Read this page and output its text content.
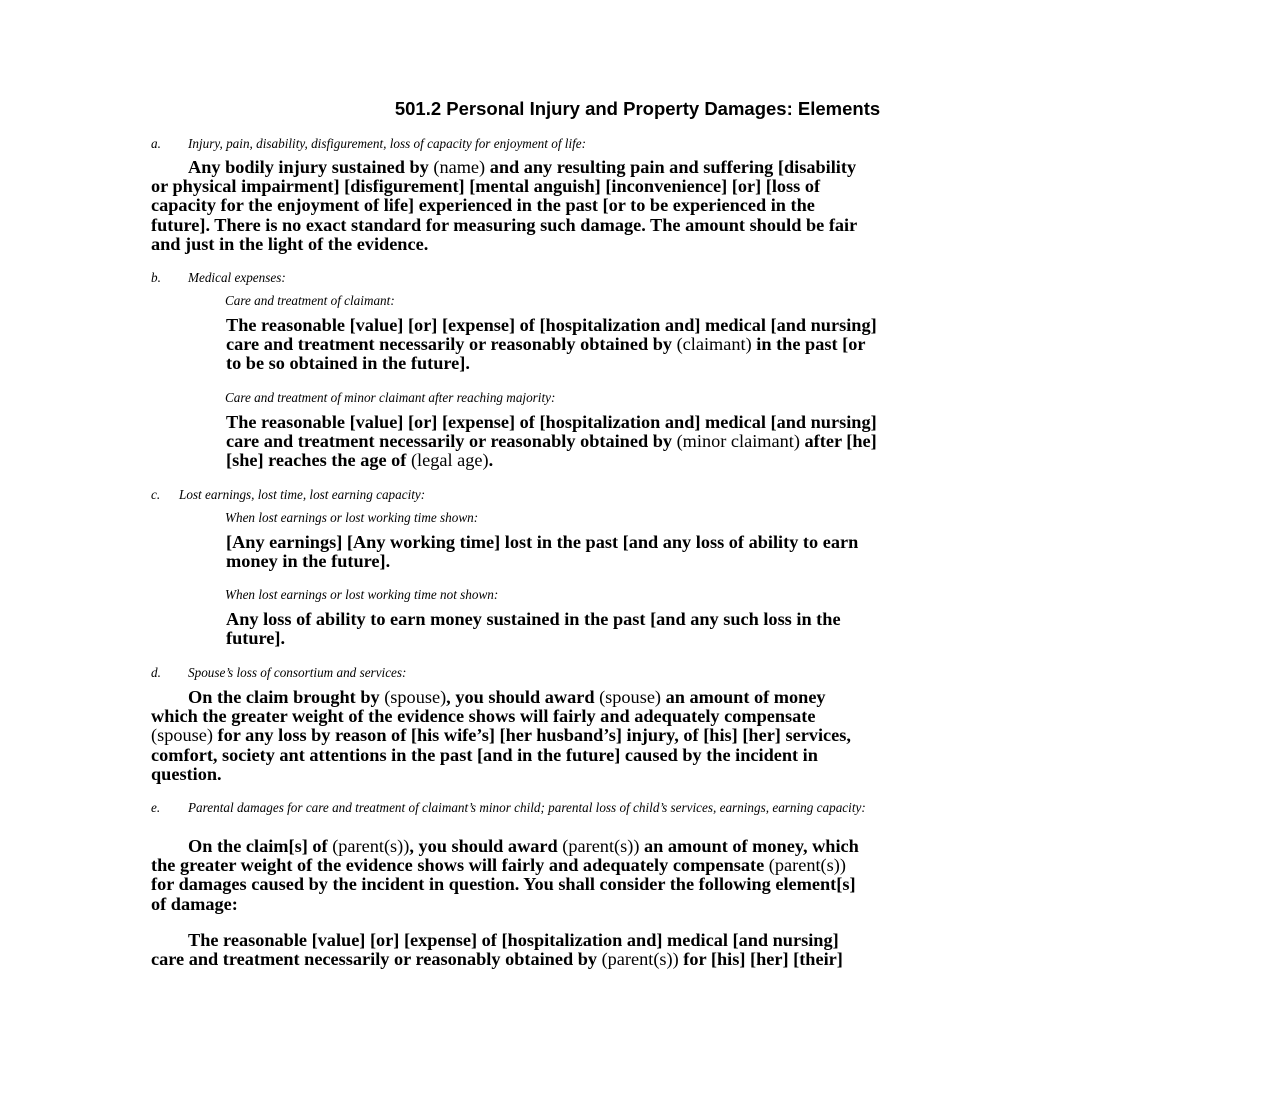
501.2 Personal Injury and Property Damages: Elements
a. Injury, pain, disability, disfigurement, loss of capacity for enjoyment of life:
Any bodily injury sustained by (name) and any resulting pain and suffering [disability
or physical impairment] [disfigurement] [mental anguish] [inconvenience] [or] [loss of
capacity for the enjoyment of life] experienced in the past [or to be experienced in the
future]. There is no exact standard for measuring such damage. The amount should be fair
and just in the light of the evidence.
b. Medical expenses:
Care and treatment of claimant:
The reasonable [value] [or] [expense] of [hospitalization and] medical [and nursing]
care and treatment necessarily or reasonably obtained by (claimant) in the past [or
to be so obtained in the future].
Care and treatment of minor claimant after reaching majority:
The reasonable [value] [or] [expense] of [hospitalization and] medical [and nursing]
care and treatment necessarily or reasonably obtained by (minor claimant) after [he]
[she] reaches the age of (legal age).
c. Lost earnings, lost time, lost earning capacity:
When lost earnings or lost working time shown:
[Any earnings] [Any working time] lost in the past [and any loss of ability to earn
money in the future].
When lost earnings or lost working time not shown:
Any loss of ability to earn money sustained in the past [and any such loss in the
future].
d. Spouse’s loss of consortium and services:
On the claim brought by (spouse), you should award (spouse) an amount of money
which the greater weight of the evidence shows will fairly and adequately compensate
(spouse) for any loss by reason of [his wife’s] [her husband’s] injury, of [his] [her] services,
comfort, society ant attentions in the past [and in the future] caused by the incident in
question.
e. Parental damages for care and treatment of claimant’s minor child; parental loss of child’s services, earnings, earning capacity:
On the claim[s] of (parent(s)), you should award (parent(s)) an amount of money, which
the greater weight of the evidence shows will fairly and adequately compensate (parent(s))
for damages caused by the incident in question. You shall consider the following element[s]
of damage:
The reasonable [value] [or] [expense] of [hospitalization and] medical [and nursing]
care and treatment necessarily or reasonably obtained by (parent(s)) for [his] [her] [their]
